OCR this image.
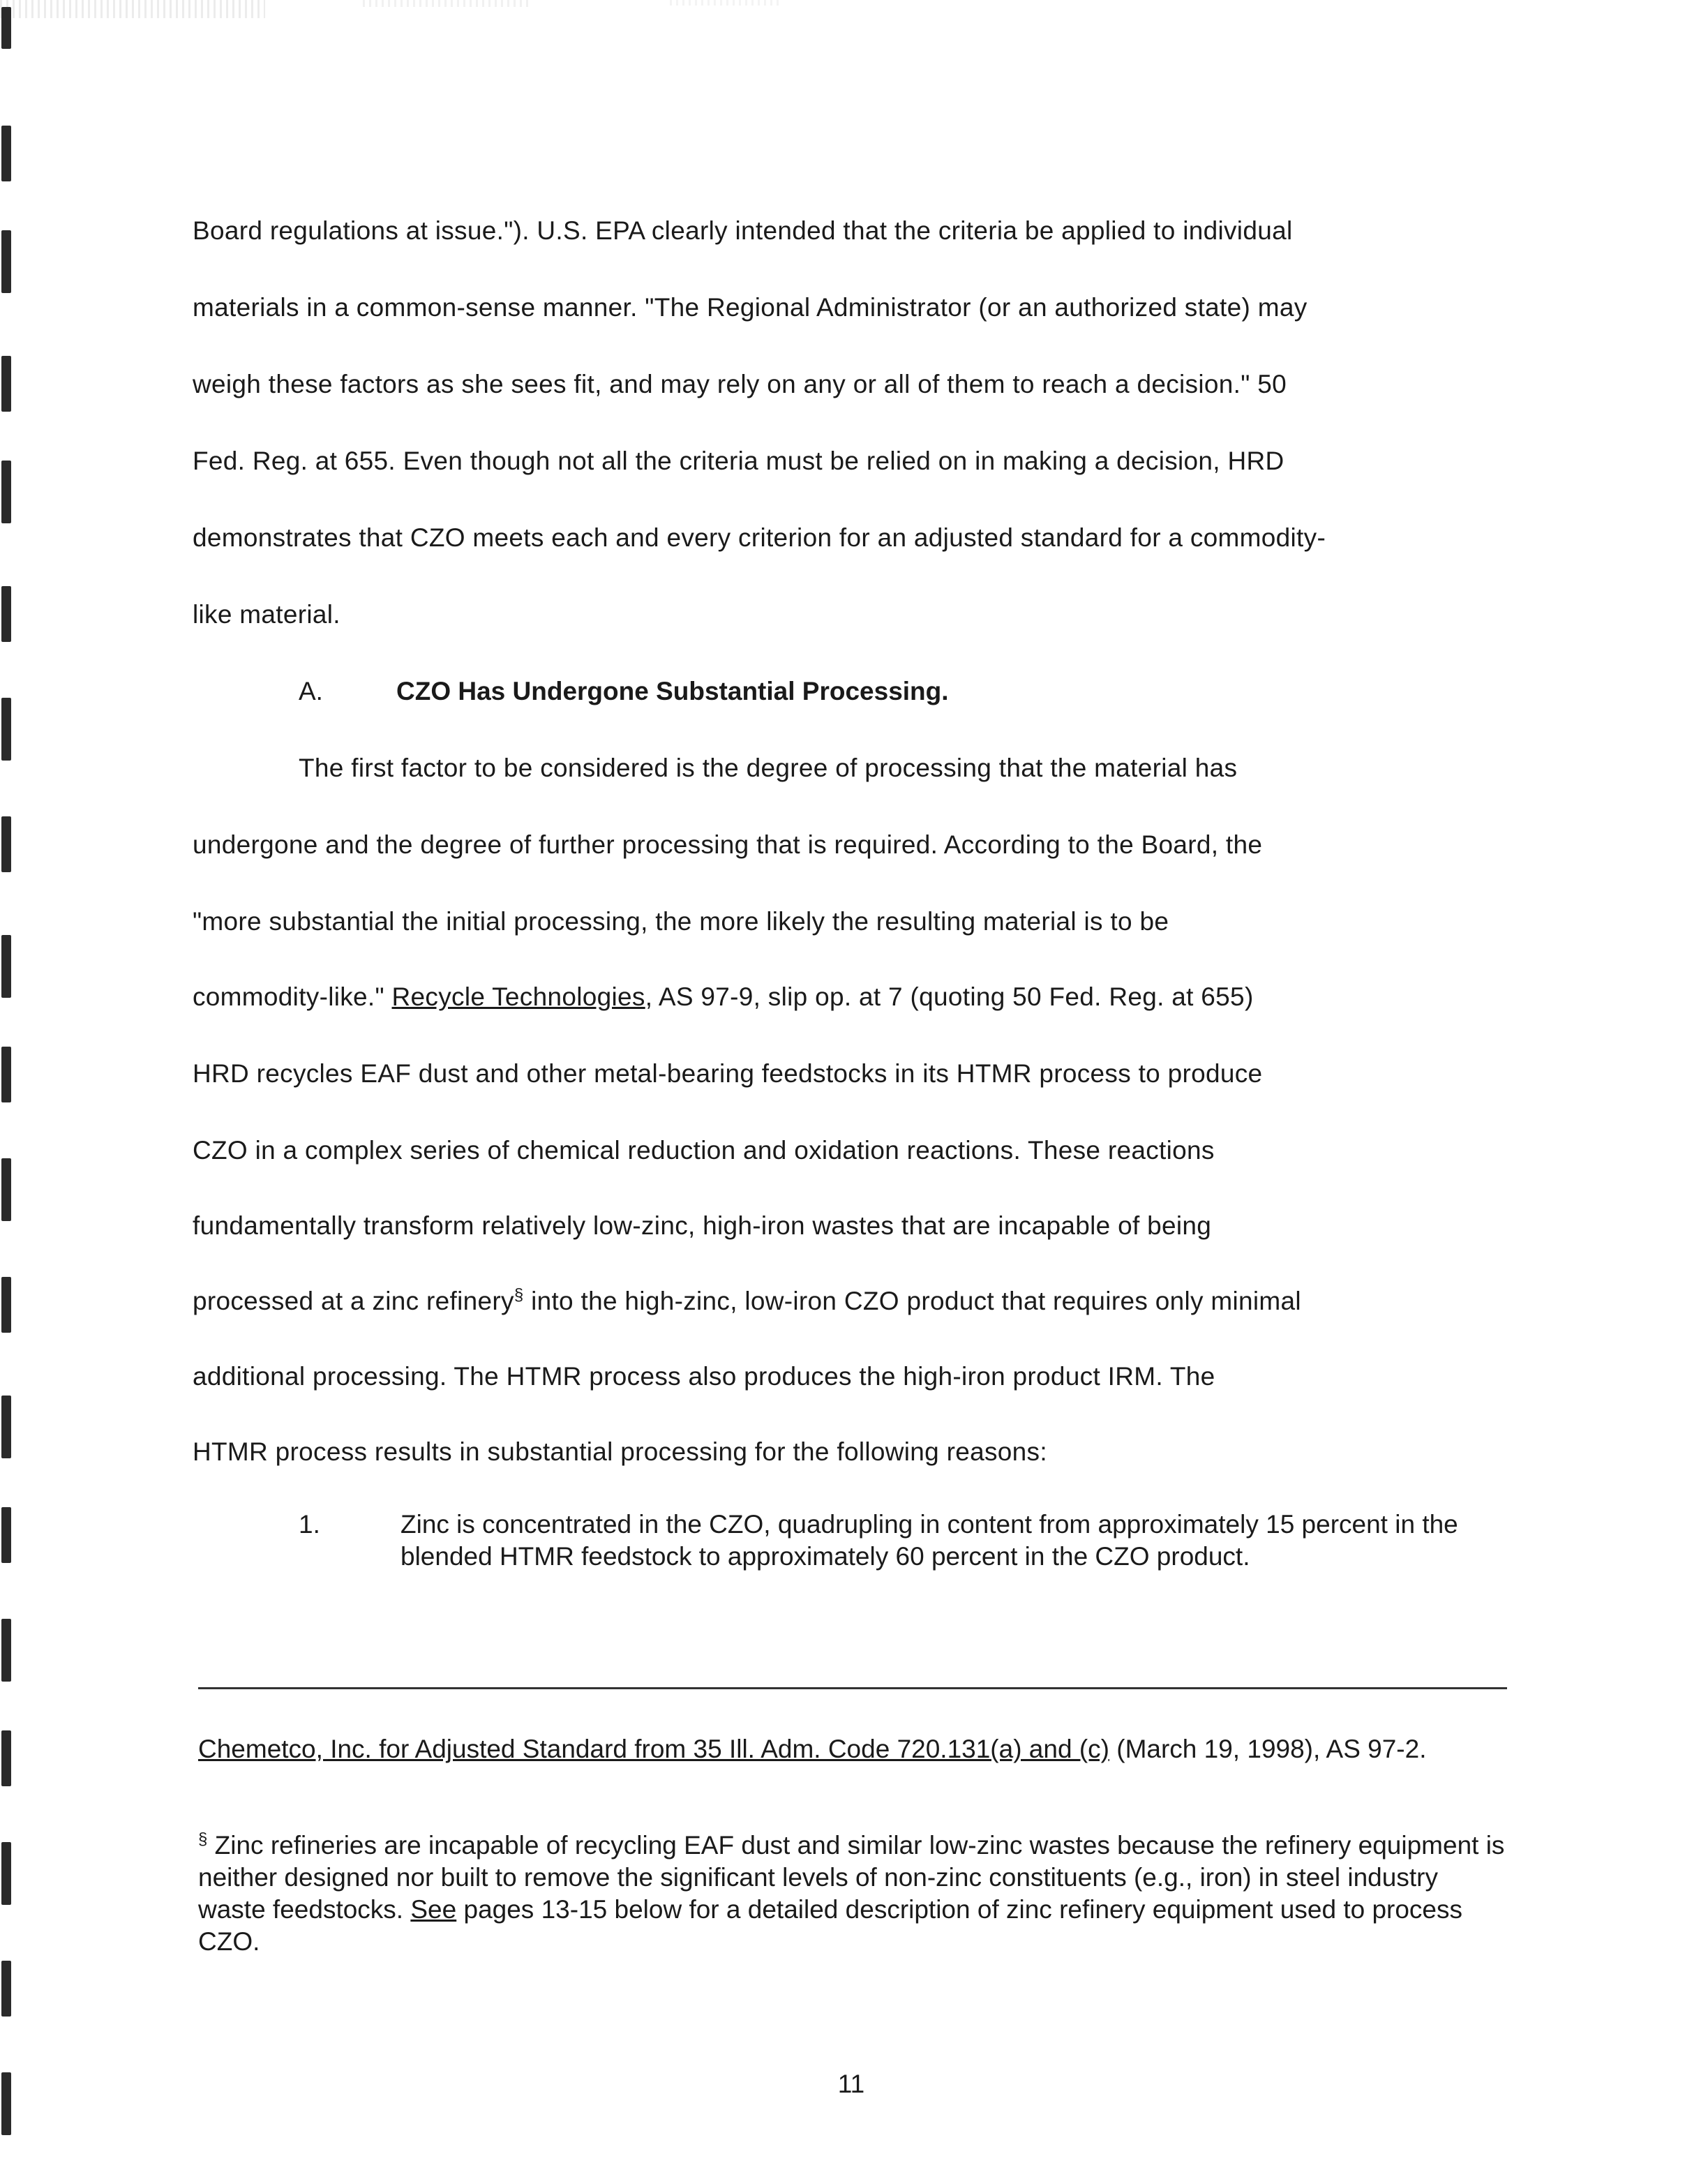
Board regulations at issue."). U.S. EPA clearly intended that the criteria be applied to individual
materials in a common-sense manner. "The Regional Administrator (or an authorized state) may
weigh these factors as she sees fit, and may rely on any or all of them to reach a decision." 50
Fed. Reg. at 655. Even though not all the criteria must be relied on in making a decision, HRD
demonstrates that CZO meets each and every criterion for an adjusted standard for a commodity-
like material.
A.	CZO Has Undergone Substantial Processing.
The first factor to be considered is the degree of processing that the material has
undergone and the degree of further processing that is required. According to the Board, the
"more substantial the initial processing, the more likely the resulting material is to be
commodity-like." Recycle Technologies, AS 97-9, slip op. at 7 (quoting 50 Fed. Reg. at 655)
HRD recycles EAF dust and other metal-bearing feedstocks in its HTMR process to produce
CZO in a complex series of chemical reduction and oxidation reactions. These reactions
fundamentally transform relatively low-zinc, high-iron wastes that are incapable of being
processed at a zinc refinery§ into the high-zinc, low-iron CZO product that requires only minimal
additional processing. The HTMR process also produces the high-iron product IRM. The
HTMR process results in substantial processing for the following reasons:
1.	Zinc is concentrated in the CZO, quadrupling in content from approximately 15 percent in the blended HTMR feedstock to approximately 60 percent in the CZO product.
Chemetco, Inc. for Adjusted Standard from 35 Ill. Adm. Code 720.131(a) and (c) (March 19, 1998), AS 97-2.
§ Zinc refineries are incapable of recycling EAF dust and similar low-zinc wastes because the refinery equipment is neither designed nor built to remove the significant levels of non-zinc constituents (e.g., iron) in steel industry waste feedstocks. See pages 13-15 below for a detailed description of zinc refinery equipment used to process CZO.
11
